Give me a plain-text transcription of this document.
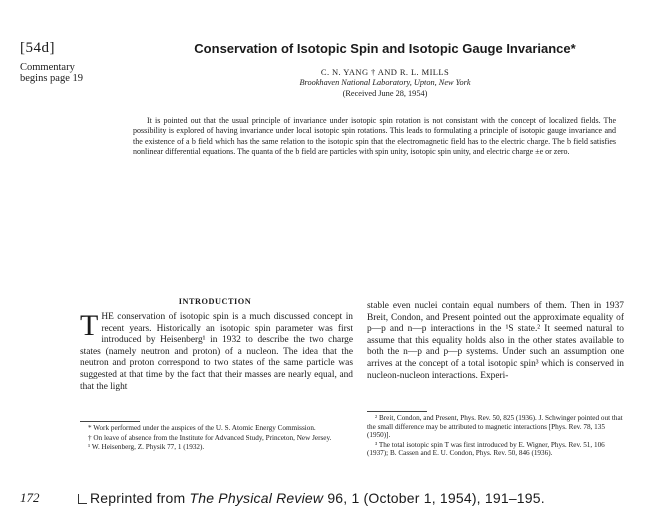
[54d]
Commentary begins page 19
Conservation of Isotopic Spin and Isotopic Gauge Invariance*
C. N. YANG † AND R. L. MILLS
Brookhaven National Laboratory, Upton, New York
(Received June 28, 1954)
It is pointed out that the usual principle of invariance under isotopic spin rotation is not consistant with the concept of localized fields. The possibility is explored of having invariance under local isotopic spin rotations. This leads to formulating a principle of isotopic gauge invariance and the existence of a b field which has the same relation to the isotopic spin that the electromagnetic field has to the electric charge. The b field satisfies nonlinear differential equations. The quanta of the b field are particles with spin unity, isotopic spin unity, and electric charge ±e or zero.
INTRODUCTION
THE conservation of isotopic spin is a much discussed concept in recent years. Historically an isotopic spin parameter was first introduced by Heisenberg¹ in 1932 to describe the two charge states (namely neutron and proton) of a nucleon. The idea that the neutron and proton correspond to two states of the same particle was suggested at that time by the fact that their masses are nearly equal, and that the light
stable even nuclei contain equal numbers of them. Then in 1937 Breit, Condon, and Present pointed out the approximate equality of p—p and n—p interactions in the ¹S state.² It seemed natural to assume that this equality holds also in the other states available to both the n—p and p—p systems. Under such an assumption one arrives at the concept of a total isotopic spin³ which is conserved in nucleon-nucleon interactions. Experi-

* Work performed under the auspices of the U. S. Atomic Energy Commission.

† On leave of absence from the Institute for Advanced Study, Princeton, New Jersey.

¹ W. Heisenberg, Z. Physik 77, 1 (1932).

² Breit, Condon, and Present, Phys. Rev. 50, 825 (1936). J. Schwinger pointed out that the small difference may be attributed to magnetic interactions [Phys. Rev. 78, 135 (1950)].

³ The total isotopic spin T was first introduced by E. Wigner, Phys. Rev. 51, 106 (1937); B. Cassen and E. U. Condon, Phys. Rev. 50, 846 (1936).

172	Reprinted from The Physical Review 96, 1 (October 1, 1954), 191–195.
